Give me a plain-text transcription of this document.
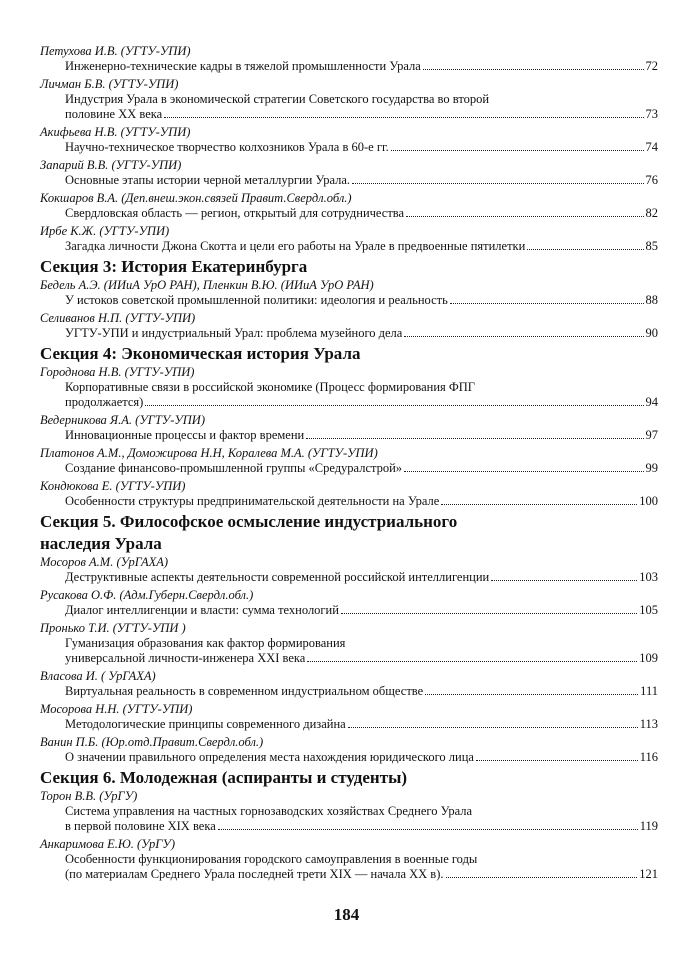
Петухова И.В. (УГТУ-УПИ)
Инженерно-технические кадры в тяжелой промышленности Урала	72
Личман Б.В. (УГТУ-УПИ)
Индустрия Урала в экономической стратегии Советского государства во второй
половине XX века	73
Акифьева Н.В. (УГТУ-УПИ)
Научно-техническое творчество колхозников Урала в 60-е гг.	74
Запарий В.В. (УГТУ-УПИ)
Основные этапы истории черной металлургии Урала.	76
Кокшаров В.А. (Деп.внеш.экон.связей Правит.Свердл.обл.)
Свердловская область — регион, открытый для сотрудничества	82
Ирбе К.Ж. (УГТУ-УПИ)
Загадка личности Джона Скотта и цели его работы на Урале в предвоенные пятилетки	85
Секция 3: История Екатеринбурга
Бедель А.Э. (ИИиА УрО РАН), Пленкин В.Ю. (ИИиА УрО РАН)
У истоков советской промышленной политики: идеология и реальность	88
Селиванов Н.П. (УГТУ-УПИ)
УГТУ-УПИ и индустриальный Урал: проблема музейного дела	90
Секция 4: Экономическая история Урала
Городнова Н.В. (УГТУ-УПИ)
Корпоративные связи в российской экономике (Процесс формирования ФПГ
продолжается)	94
Ведерникова Я.А. (УГТУ-УПИ)
Инновационные процессы и фактор времени	97
Платонов А.М., Доможирова Н.Н, Коралева М.А. (УГТУ-УПИ)
Создание финансово-промышленной группы «Средуралстрой»	99
Кондюкова Е. (УГТУ-УПИ)
Особенности структуры предпринимательской деятельности на Урале	100
Секция 5. Философское осмысление индустриального
наследия Урала
Мосоров А.М. (УрГАХА)
Деструктивные аспекты деятельности современной российской интеллигенции	103
Русакова О.Ф. (Адм.Губерн.Свердл.обл.)
Диалог интеллигенции и власти: сумма технологий	105
Пронько Т.И. (УГТУ-УПИ )
Гуманизация образования как фактор формирования
универсальной личности-инженера XXI века	109
Власова И. ( УрГАХА)
Виртуальная реальность в современном индустриальном обществе	111
Мосорова Н.Н. (УГТУ-УПИ)
Методологические принципы современного дизайна	113
Ванин П.Б. (Юр.отд.Правит.Свердл.обл.)
О значении правильного определения места нахождения юридического лица	116
Секция 6. Молодежная (аспиранты и студенты)
Торон В.В. (УрГУ)
Система управления на частных горнозаводских хозяйствах Среднего Урала
в первой половине XIX века	119
Анкаримова Е.Ю. (УрГУ)
Особенности функционирования городского самоуправления в военные годы
(по материалам Среднего Урала последней трети XIX — начала XX в).	121
184
